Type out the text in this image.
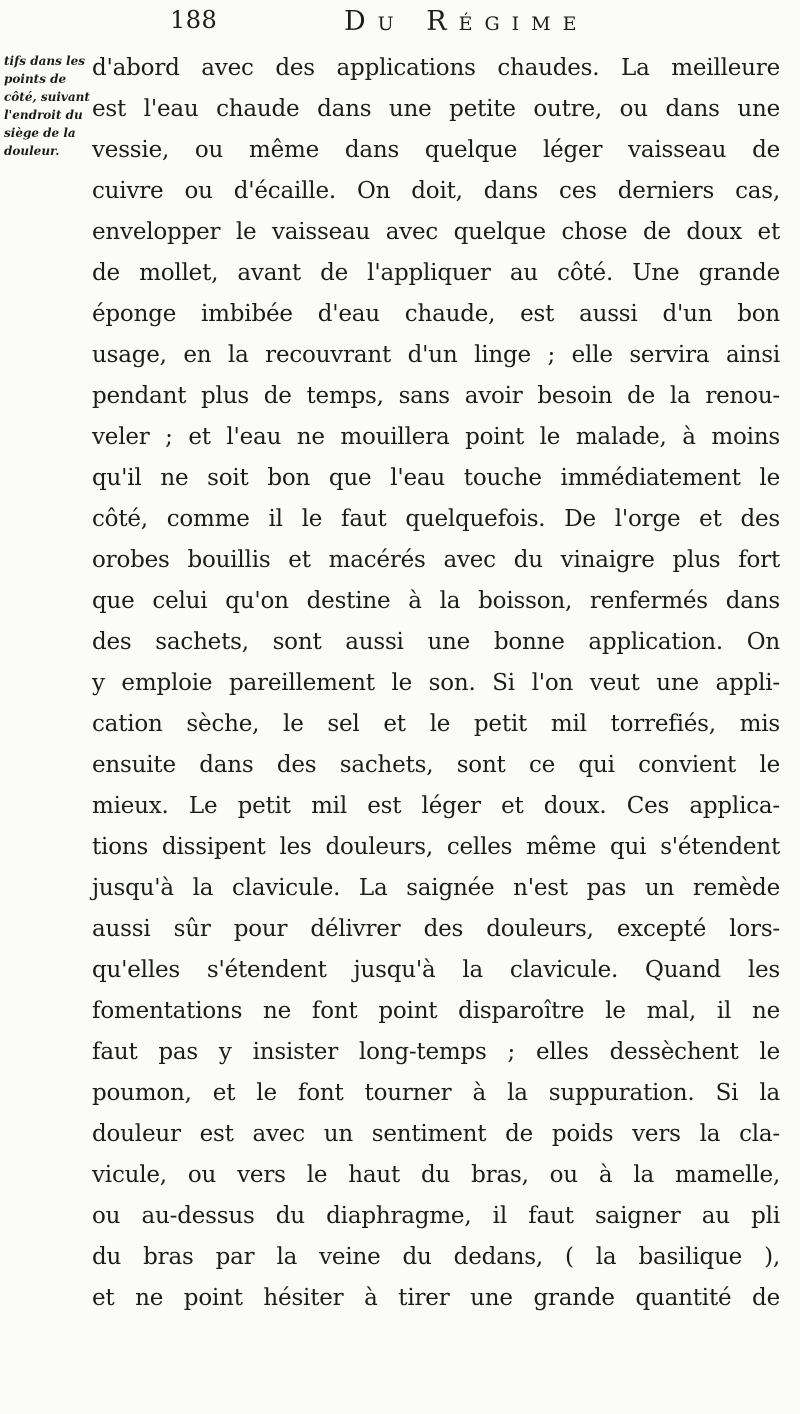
188	Du Régime
tifs dans les
points de
côté, suivant
l'endroit du
siège de la
douleur.
d'abord avec des applications chaudes. La meilleure
est l'eau chaude dans une petite outre, ou dans une
vessie, ou même dans quelque léger vaisseau de
cuivre ou d'écaille. On doit, dans ces derniers cas,
envelopper le vaisseau avec quelque chose de doux et
de mollet, avant de l'appliquer au côté. Une grande
éponge imbibée d'eau chaude, est aussi d'un bon
usage, en la recouvrant d'un linge ; elle servira ainsi
pendant plus de temps, sans avoir besoin de la renou-
veler ; et l'eau ne mouillera point le malade, à moins
qu'il ne soit bon que l'eau touche immédiatement le
côté, comme il le faut quelquefois. De l'orge et des
orobes bouillis et macérés avec du vinaigre plus fort
que celui qu'on destine à la boisson, renfermés dans
des sachets, sont aussi une bonne application. On
y emploie pareillement le son. Si l'on veut une appli-
cation sèche, le sel et le petit mil torrefiés, mis
ensuite dans des sachets, sont ce qui convient le
mieux. Le petit mil est léger et doux. Ces applica-
tions dissipent les douleurs, celles même qui s'étendent
jusqu'à la clavicule. La saignée n'est pas un remède
aussi sûr pour délivrer des douleurs, excepté lors-
qu'elles s'étendent jusqu'à la clavicule. Quand les
fomentations ne font point disparoître le mal, il ne
faut pas y insister long-temps ; elles dessèchent le
poumon, et le font tourner à la suppuration. Si la
douleur est avec un sentiment de poids vers la cla-
vicule, ou vers le haut du bras, ou à la mamelle,
ou au-dessus du diaphragme, il faut saigner au pli
du bras par la veine du dedans, ( la basilique ),
et ne point hésiter à tirer une grande quantité de
